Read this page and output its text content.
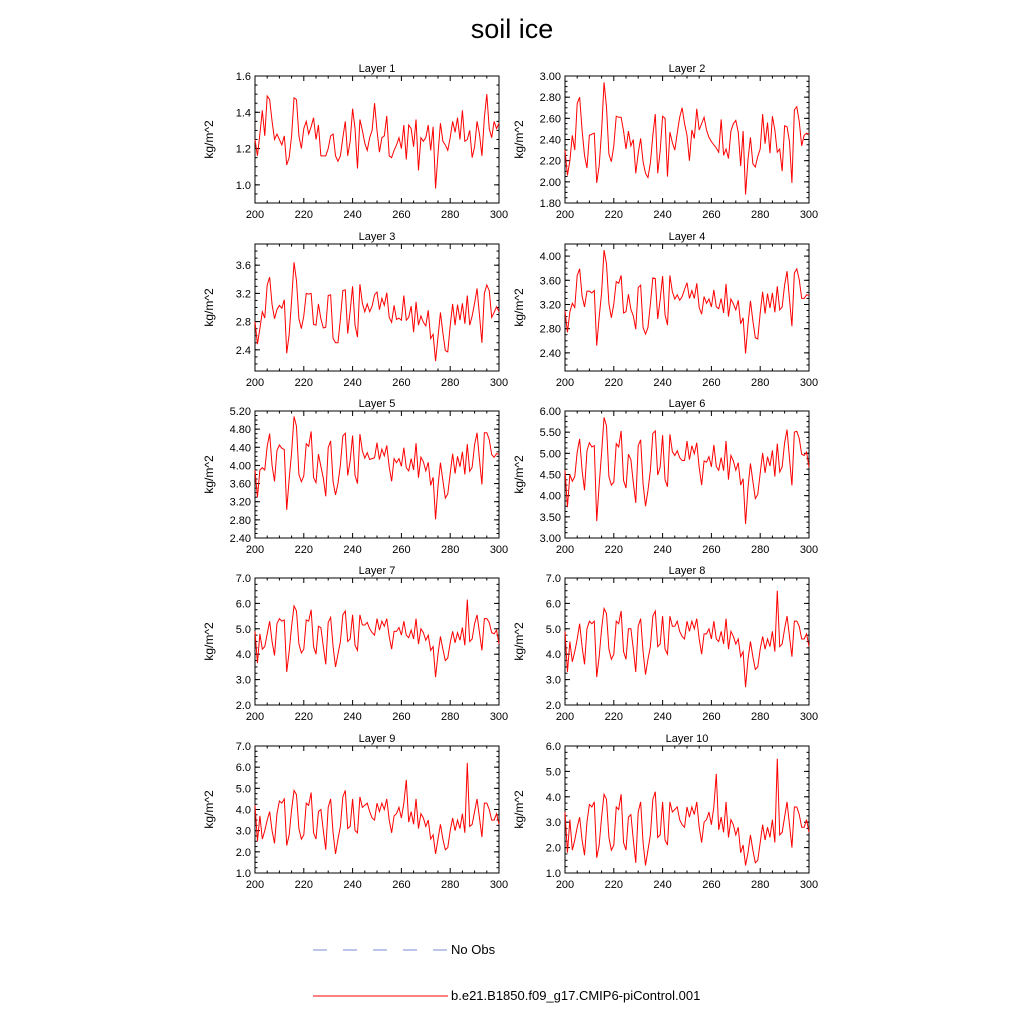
soil ice
Layer 1
200	220	240	260	280	300
1.0
1.2
1.4
1.6
kg/m^2
Layer 2
200	220	240	260	280	300
1.80
2.00
2.20
2.40
2.60
2.80
3.00
kg/m^2
Layer 3
200	220	240	260	280	300
2.4
2.8
3.2
3.6
kg/m^2
Layer 4
200	220	240	260	280	300
2.40
2.80
3.20
3.60
4.00
kg/m^2
Layer 5
200	220	240	260	280	300
2.40
2.80
3.20
3.60
4.00
4.40
4.80
5.20
kg/m^2
Layer 6
200	220	240	260	280	300
3.00
3.50
4.00
4.50
5.00
5.50
6.00
kg/m^2
Layer 7
200	220	240	260	280	300
2.0
3.0
4.0
5.0
6.0
7.0
kg/m^2
Layer 8
200	220	240	260	280	300
2.0
3.0
4.0
5.0
6.0
7.0
kg/m^2
Layer 9
200	220	240	260	280	300
1.0
2.0
3.0
4.0
5.0
6.0
7.0
kg/m^2
Layer 10
200	220	240	260	280	300
1.0
2.0
3.0
4.0
5.0
6.0
kg/m^2
No Obs
b.e21.B1850.f09_g17.CMIP6-piControl.001
